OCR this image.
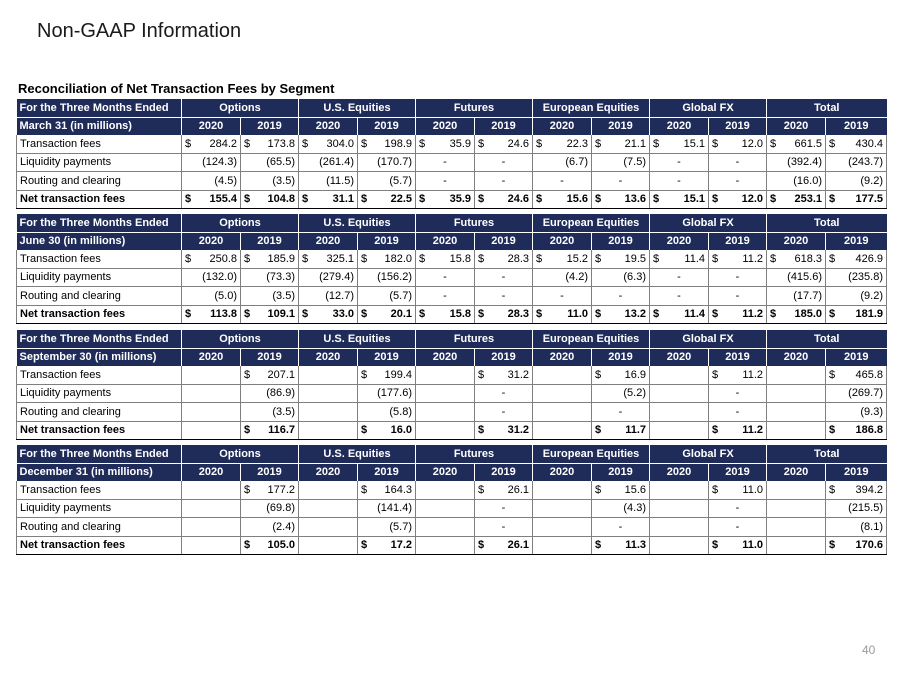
Non-GAAP Information
Reconciliation of Net Transaction Fees by Segment
For the Three Months Ended	Options		U.S. Equities		Futures		European Equities		Global FX		Total	
March 31 (in millions)	2020	2019	2020	2019	2020	2019	2020	2019	2020	2019	2020	2019
Transaction fees	$ 284.2	$ 173.8	$ 304.0	$ 198.9	$ 35.9	$ 24.6	$ 22.3	$ 21.1	$ 15.1	$ 12.0	$ 661.5	$ 430.4

Liquidity payments	(124.3)	(65.5)	(261.4)	(170.7)	-	-	(6.7)	(7.5)	-	-	(392.4)	(243.7)

Routing and clearing	(4.5)	(3.5)	(11.5)	(5.7)	-	-	-	-	-	-	(16.0)	(9.2)

Net transaction fees	$ 155.4	$ 104.8	$ 31.1	$ 22.5	$ 35.9	$ 24.6	$ 15.6	$ 13.6	$ 15.1	$ 12.0	$ 253.1	$ 177.5
For the Three Months Ended	Options		U.S. Equities		Futures		European Equities		Global FX		Total	
June 30 (in millions)	2020	2019	2020	2019	2020	2019	2020	2019	2020	2019	2020	2019
Transaction fees	$ 250.8	$ 185.9	$ 325.1	$ 182.0	$ 15.8	$ 28.3	$ 15.2	$ 19.5	$ 11.4	$ 11.2	$ 618.3	$ 426.9

Liquidity payments	(132.0)	(73.3)	(279.4)	(156.2)	-	-	(4.2)	(6.3)	-	-	(415.6)	(235.8)

Routing and clearing	(5.0)	(3.5)	(12.7)	(5.7)	-	-	-	-	-	-	(17.7)	(9.2)

Net transaction fees	$ 113.8	$ 109.1	$ 33.0	$ 20.1	$ 15.8	$ 28.3	$ 11.0	$ 13.2	$ 11.4	$ 11.2	$ 185.0	$ 181.9
For the Three Months Ended	Options		U.S. Equities		Futures		European Equities		Global FX		Total	
September 30 (in millions)	2020	2019	2020	2019	2020	2019	2020	2019	2020	2019	2020	2019
Transaction fees		$ 207.1		$ 199.4		$ 31.2		$ 16.9		$ 11.2		$ 465.8

Liquidity payments		(86.9)		(177.6)		-		(5.2)		-		(269.7)

Routing and clearing		(3.5)		(5.8)		-		-		-		(9.3)

Net transaction fees		$ 116.7		$ 16.0		$ 31.2		$ 11.7		$ 11.2		$ 186.8
For the Three Months Ended	Options		U.S. Equities		Futures		European Equities		Global FX		Total	
December 31 (in millions)	2020	2019	2020	2019	2020	2019	2020	2019	2020	2019	2020	2019
Transaction fees		$ 177.2		$ 164.3		$ 26.1		$ 15.6		$ 11.0		$ 394.2

Liquidity payments		(69.8)		(141.4)		-		(4.3)		-		(215.5)

Routing and clearing		(2.4)		(5.7)		-		-		-		(8.1)

Net transaction fees		$ 105.0		$ 17.2		$ 26.1		$ 11.3		$ 11.0		$ 170.6
40
